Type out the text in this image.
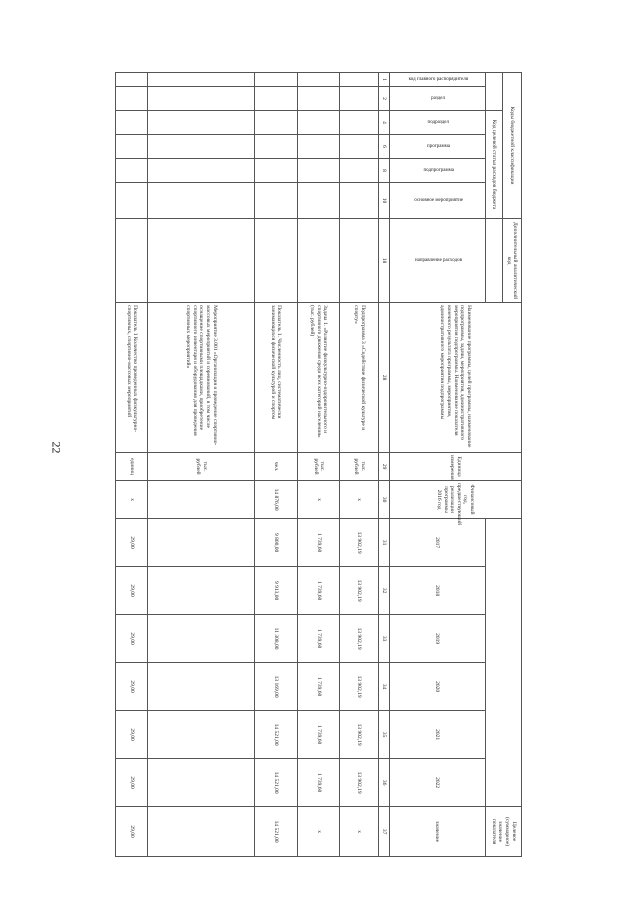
22
Коды бюджетной классификации						Дополнительный аналитический код	Наименование программы, целей программы, наименование подпрограммы, задачи, мероприятия, административного мероприятия подпрограммы. Наименование показателя конечного результата программы, мероприятия, административного мероприятия подпрограммы	Единица измерения	Финансовый год, предшествующий реализации программы 2016 год							Целевое (суммарное) значение показателя
		Код целевой статьи расходов бюджета														
код главного распорядителя	раздел	подраздел	программа	подпрограмма	основное мероприятие	направление расходов				2017	2018	2019	2020	2021	2022	значение
1	2	4	6	8	10	18	28	29	30	31	32	33	34	35	36	37
							Подпрограмма 3 «Содействие физической культуре и спорту»	тыс. рублей	х	13 902,19	13 902,19	13 902,19	13 902,19	13 902,19	13 902,19	х
							Задача 1. «Развитие физкультурно-оздоровительного и спортивного движения среди всех категорий населения» (тыс. рублей)	тыс. рублей	х	1 739,60	1 739,60	1 739,60	1 739,60	1 739,60	1 739,60	х
							Показатель 1. Численность лиц, систематически занимающихся физической культурой и спортом	чел.	14 876,00	9 800,00	9 913,00	11 308,00	13 169,00	14 521,00	14 521,00	14 521,00
							Мероприятие 3.001 «Организация и проведение спортивно-массовых мероприятий и соревнований, в том числе оснащение спортивными площадками, приобретение спортивного инвентаря и оборудования для проведения спортивных мероприятий»	тыс. рублей								
							Показатель 1 Количество проведенных физкультурно-спортивных, спортивно-массовых мероприятий	единиц	х	29,00	29,00	29,00	29,00	29,00	29,00	29,00
